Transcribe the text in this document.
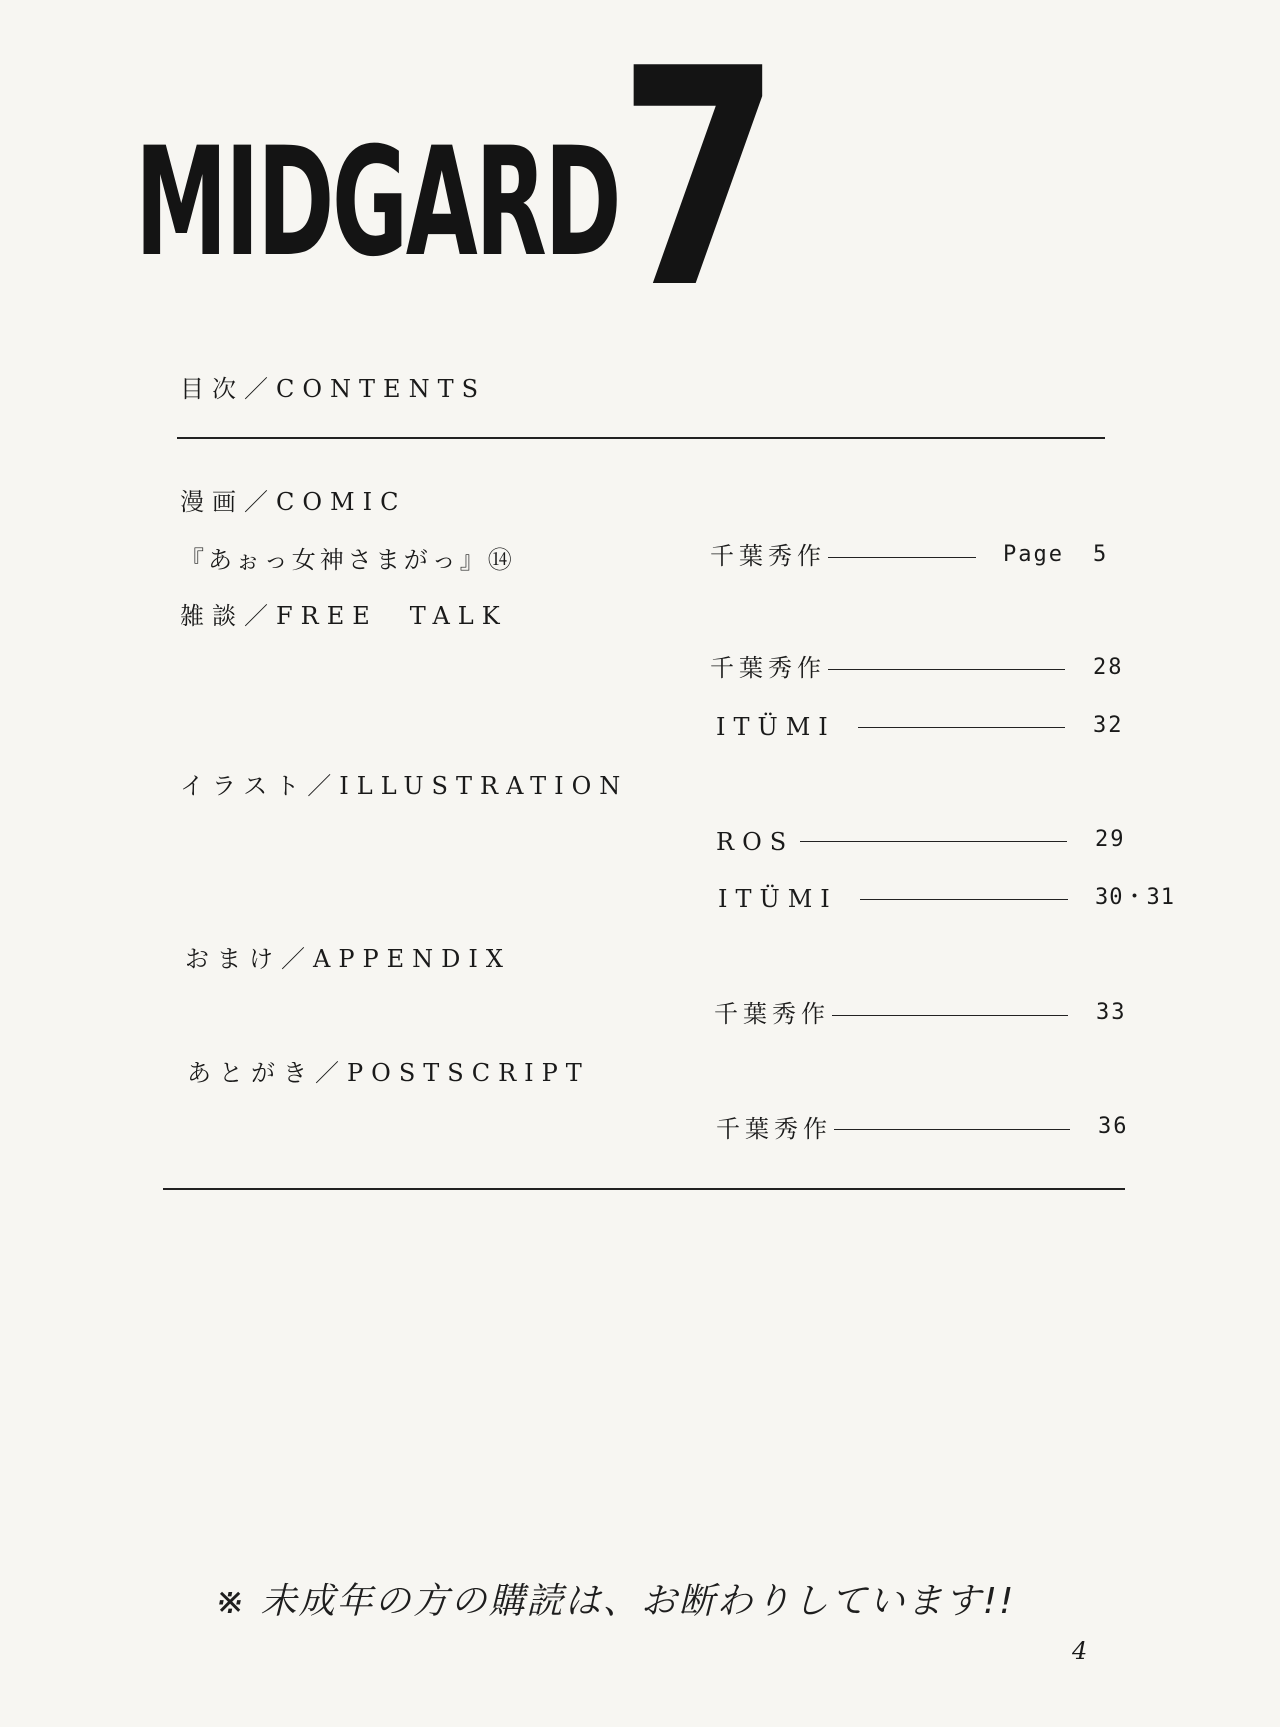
MIDGARD
7
目次／CONTENTS
漫画／COMIC
『あぉっ女神さまがっ』⑭	千葉秀作	Page 5
雑談／FREE　TALK
千葉秀作	28
ITÜMI	32
イラスト／ILLUSTRATION
ROS	29
ITÜMI	30・31
おまけ／APPENDIX
千葉秀作	33
あとがき／POSTSCRIPT
千葉秀作	36
※ 未成年の方の購読は、お断わりしています!!
4
